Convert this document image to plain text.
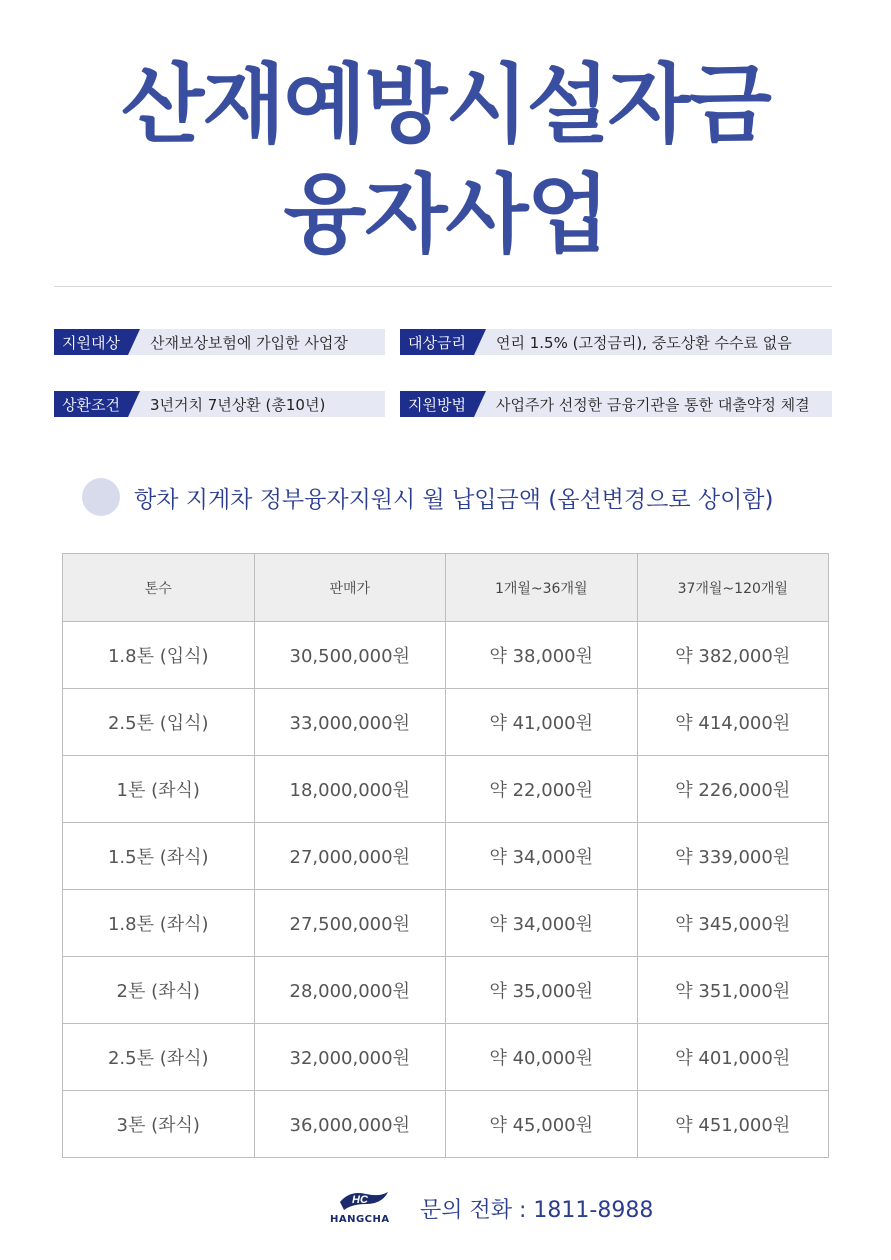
산재예방시설자금
융자사업
지원대상	산재보상보험에 가입한 사업장	대상금리	연리 1.5% (고정금리), 중도상환 수수료 없음
상환조건	3년거치 7년상환 (총10년)	지원방법	사업주가 선정한 금융기관을 통한 대출약정 체결
항차 지게차 정부융자지원시 월 납입금액 (옵션변경으로 상이함)
톤수	판매가	1개월~36개월	37개월~120개월
1.8톤 (입식)	30,500,000원	약 38,000원	약 382,000원
2.5톤 (입식)	33,000,000원	약 41,000원	약 414,000원
1톤 (좌식)	18,000,000원	약 22,000원	약 226,000원
1.5톤 (좌식)	27,000,000원	약 34,000원	약 339,000원
1.8톤 (좌식)	27,500,000원	약 34,000원	약 345,000원
2톤 (좌식)	28,000,000원	약 35,000원	약 351,000원
2.5톤 (좌식)	32,000,000원	약 40,000원	약 401,000원
3톤 (좌식)	36,000,000원	약 45,000원	약 451,000원
HC
HANGCHA 문의 전화 : 1811-8988
